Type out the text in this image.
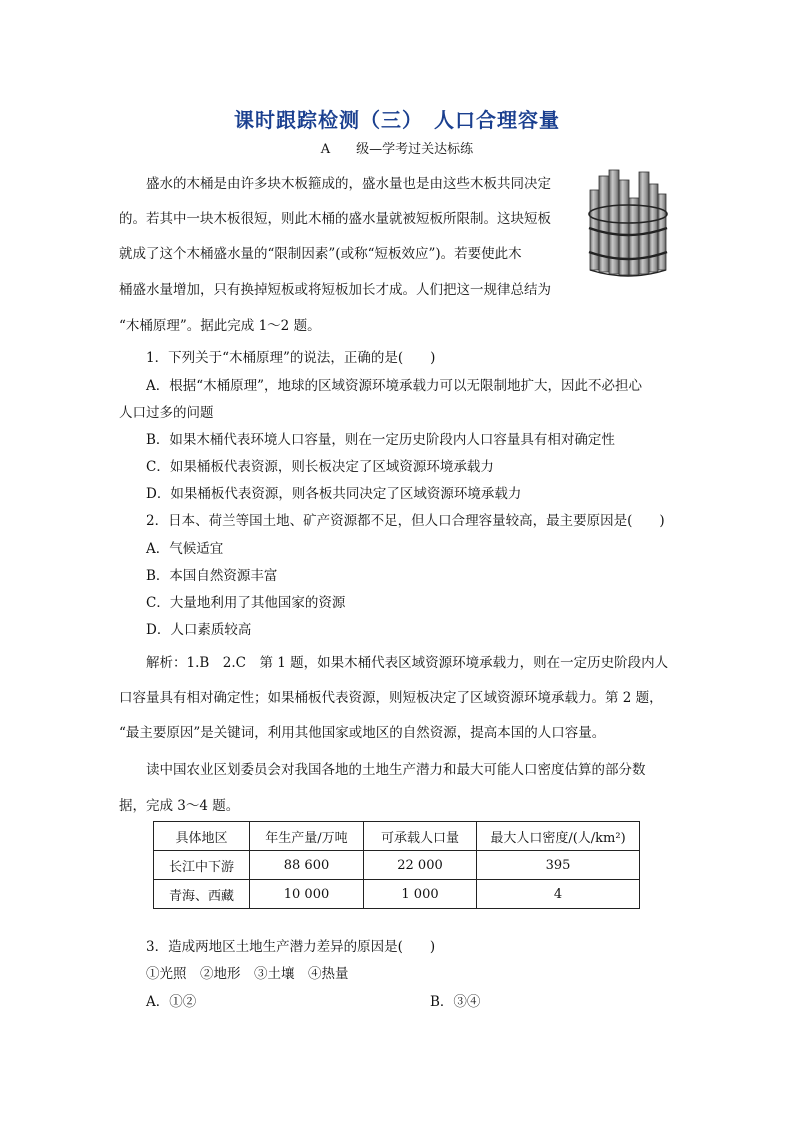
课时跟踪检测（三）　人口合理容量
A　　级—学考过关达标练
盛水的木桶是由许多块木板箍成的，盛水量也是由这些木板共同决定
的。若其中一块木板很短，则此木桶的盛水量就被短板所限制。这块短板
就成了这个木桶盛水量的“限制因素”(或称“短板效应”)。若要使此木
桶盛水量增加，只有换掉短板或将短板加长才成。人们把这一规律总结为
“木桶原理”。据此完成 1～2 题。
1．下列关于“木桶原理”的说法，正确的是(　　)
A．根据“木桶原理”，地球的区域资源环境承载力可以无限制地扩大，因此不必担心
人口过多的问题
B．如果木桶代表环境人口容量，则在一定历史阶段内人口容量具有相对确定性
C．如果桶板代表资源，则长板决定了区域资源环境承载力
D．如果桶板代表资源，则各板共同决定了区域资源环境承载力
2．日本、荷兰等国土地、矿产资源都不足，但人口合理容量较高，最主要原因是(　　)
A．气候适宜
B．本国自然资源丰富
C．大量地利用了其他国家的资源
D．人口素质较高
解析：1.B　2.C　第 1 题，如果木桶代表区域资源环境承载力，则在一定历史阶段内人
口容量具有相对确定性；如果桶板代表资源，则短板决定了区域资源环境承载力。第 2 题，
“最主要原因”是关键词，利用其他国家或地区的自然资源，提高本国的人口容量。
读中国农业区划委员会对我国各地的土地生产潜力和最大可能人口密度估算的部分数
据，完成 3～4 题。
具体地区	年生产量/万吨	可承载人口量	最大人口密度/(人/km²)
长江中下游	88 600	22 000	395
青海、西藏	10 000	1 000	4
3．造成两地区土地生产潜力差异的原因是(　　)
①光照　②地形　③土壤　④热量
A．①②	B．③④
